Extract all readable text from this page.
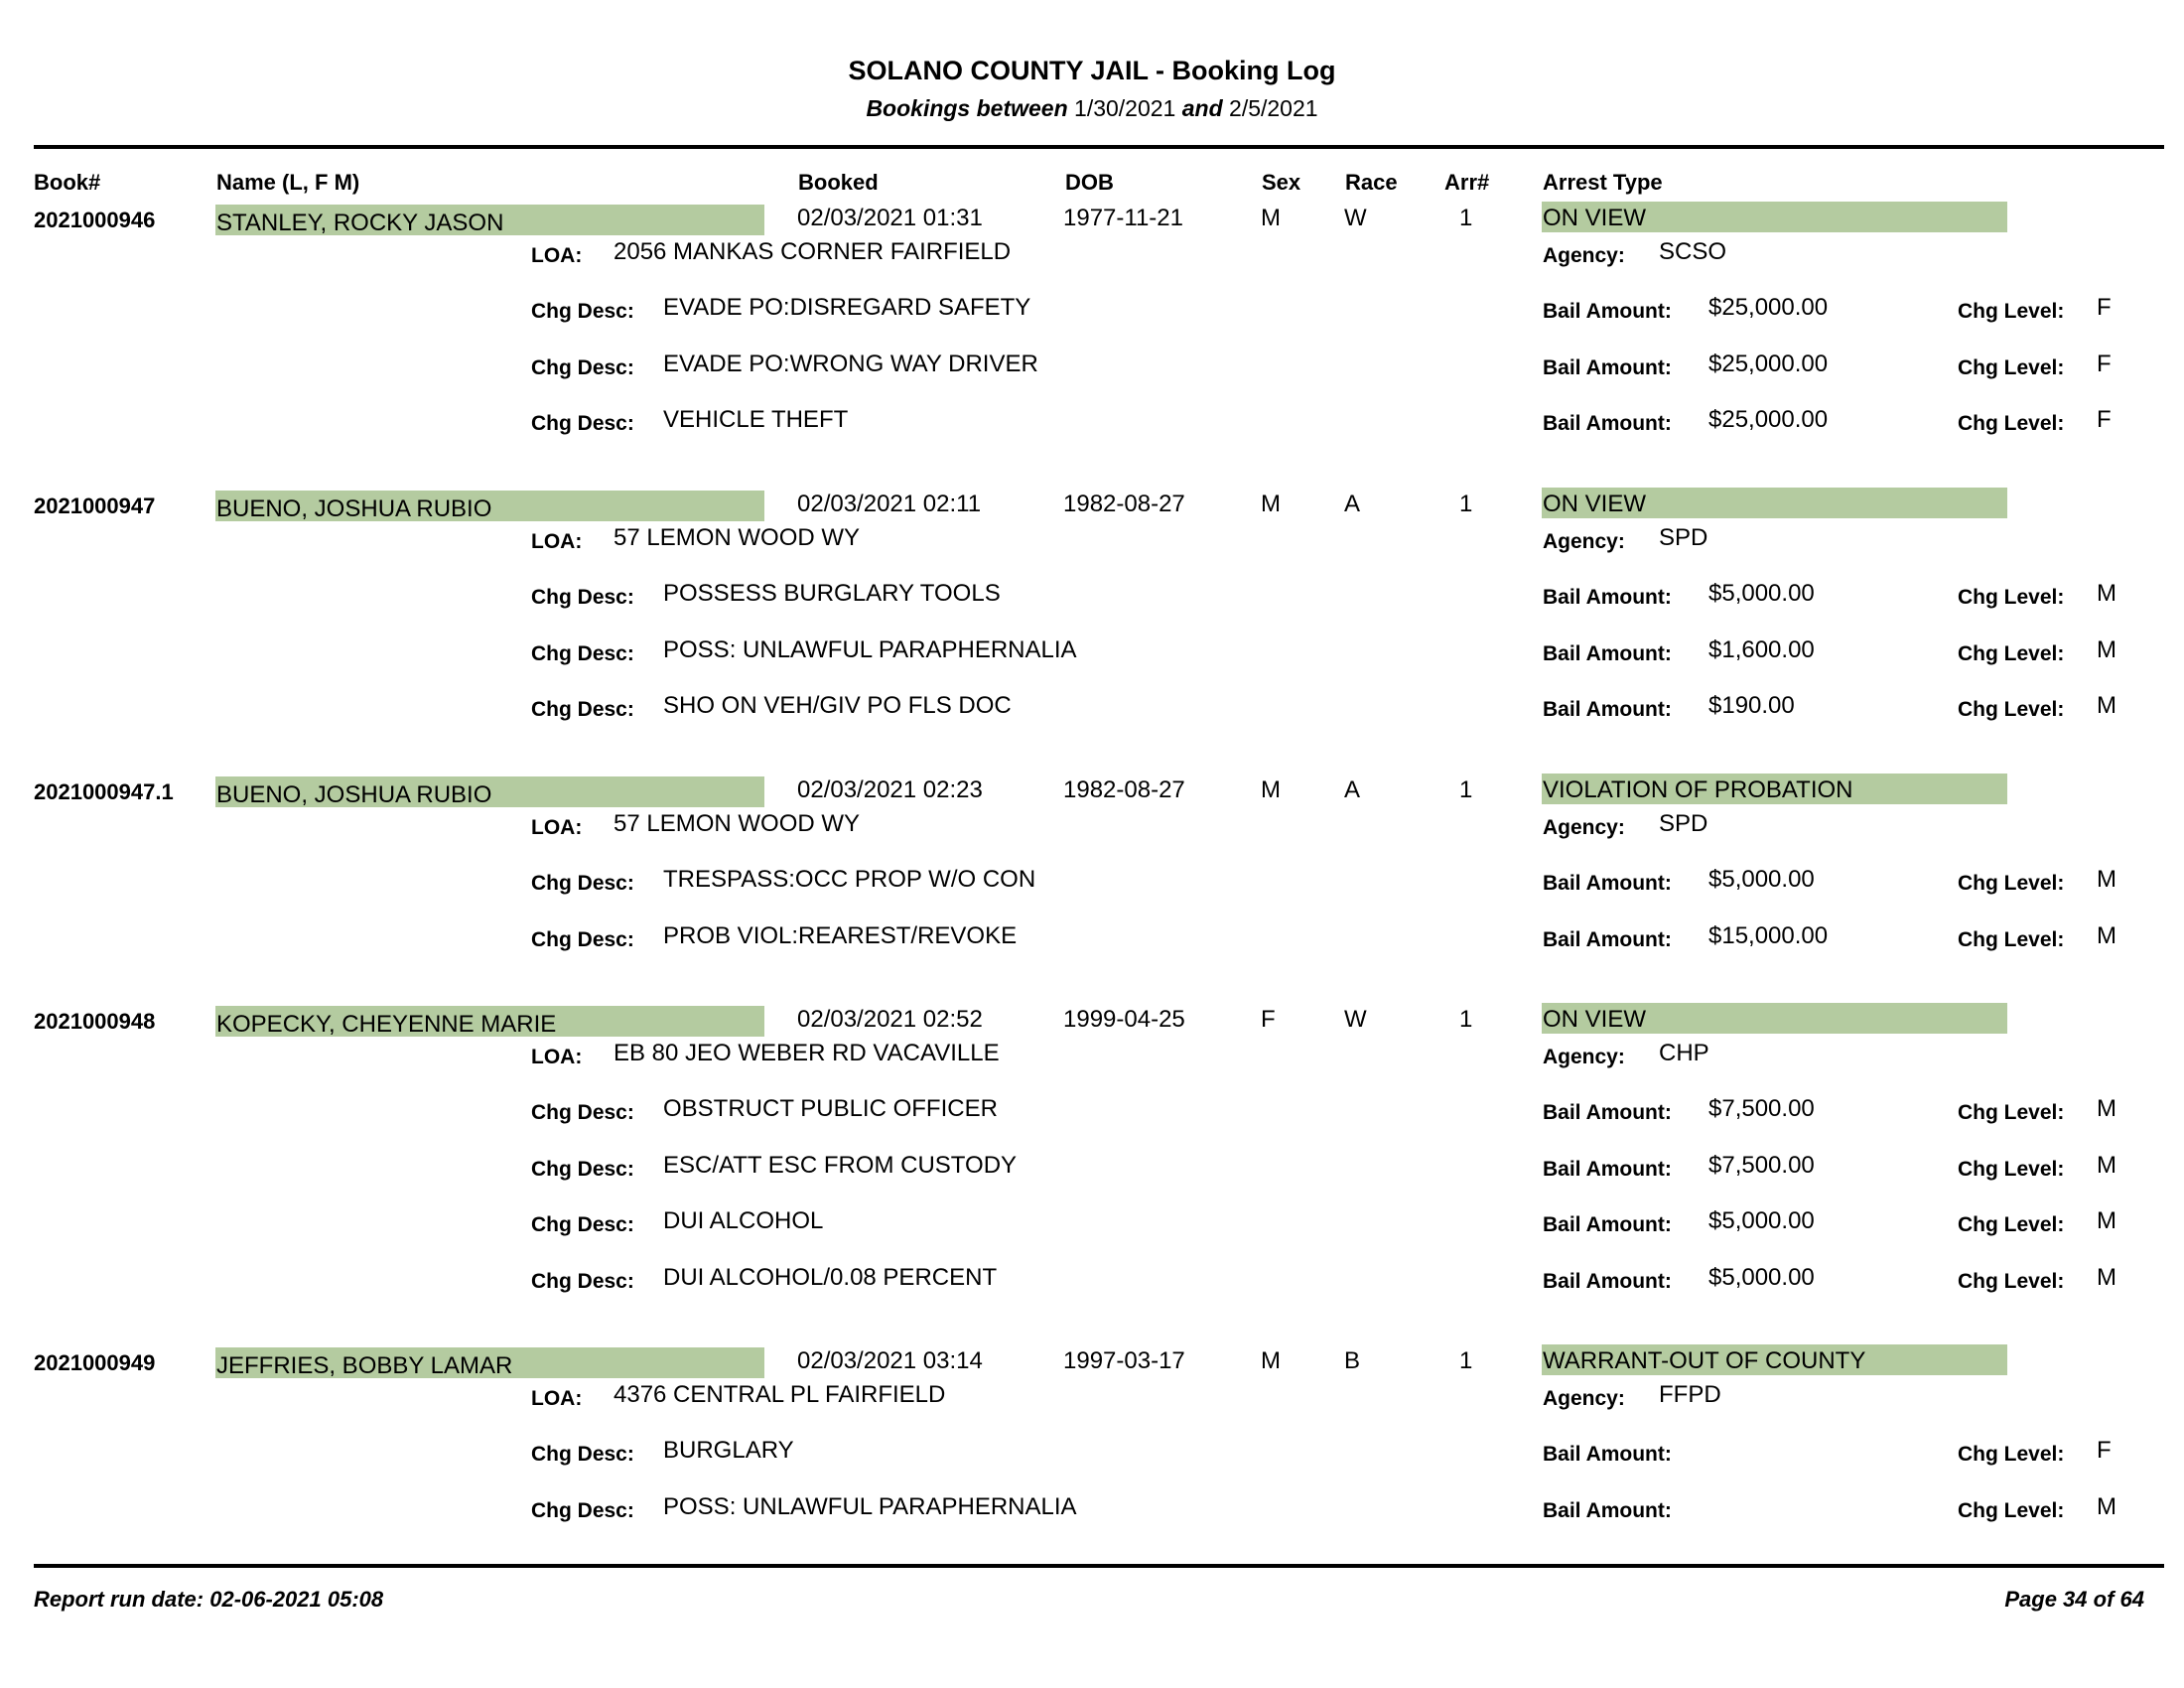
SOLANO COUNTY JAIL - Booking Log
Bookings between 1/30/2021 and 2/5/2021
Book#	Name (L, F M)	Booked	DOB	Sex Race Arr# Arrest Type
2021000946	STANLEY, ROCKY JASON	02/03/2021 01:31	1977-11-21	M	W	1	ON VIEW
LOA: 2056 MANKAS CORNER FAIRFIELD	Agency: SCSO
Chg Desc: EVADE PO:DISREGARD SAFETY	Bail Amount: $25,000.00	Chg Level: F
Chg Desc: EVADE PO:WRONG WAY DRIVER	Bail Amount: $25,000.00	Chg Level: F
Chg Desc: VEHICLE THEFT	Bail Amount: $25,000.00	Chg Level: F
2021000947	BUENO, JOSHUA RUBIO	02/03/2021 02:11	1982-08-27	M	A	1	ON VIEW
LOA: 57 LEMON WOOD WY	Agency: SPD
Chg Desc: POSSESS BURGLARY TOOLS	Bail Amount: $5,000.00	Chg Level: M
Chg Desc: POSS: UNLAWFUL PARAPHERNALIA	Bail Amount: $1,600.00	Chg Level: M
Chg Desc: SHO ON VEH/GIV PO FLS DOC	Bail Amount: $190.00	Chg Level: M
2021000947.1 BUENO, JOSHUA RUBIO	02/03/2021 02:23	1982-08-27	M	A	1	VIOLATION OF PROBATION
LOA: 57 LEMON WOOD WY	Agency: SPD
Chg Desc: TRESPASS:OCC PROP W/O CON	Bail Amount: $5,000.00	Chg Level: M
Chg Desc: PROB VIOL:REAREST/REVOKE	Bail Amount: $15,000.00	Chg Level: M
2021000948	KOPECKY, CHEYENNE MARIE	02/03/2021 02:52	1999-04-25	F	W	1	ON VIEW
LOA: EB 80 JEO WEBER RD VACAVILLE	Agency: CHP
Chg Desc: OBSTRUCT PUBLIC OFFICER	Bail Amount: $7,500.00	Chg Level: M
Chg Desc: ESC/ATT ESC FROM CUSTODY	Bail Amount: $7,500.00	Chg Level: M
Chg Desc: DUI ALCOHOL	Bail Amount: $5,000.00	Chg Level: M
Chg Desc: DUI ALCOHOL/0.08 PERCENT	Bail Amount: $5,000.00	Chg Level: M
2021000949	JEFFRIES, BOBBY LAMAR	02/03/2021 03:14	1997-03-17	M	B	1	WARRANT-OUT OF COUNTY
LOA: 4376 CENTRAL PL FAIRFIELD	Agency: FFPD
Chg Desc: BURGLARY	Bail Amount:	Chg Level: F
Chg Desc: POSS: UNLAWFUL PARAPHERNALIA	Bail Amount:	Chg Level: M
Report run date: 02-06-2021 05:08	Page 34 of 64
